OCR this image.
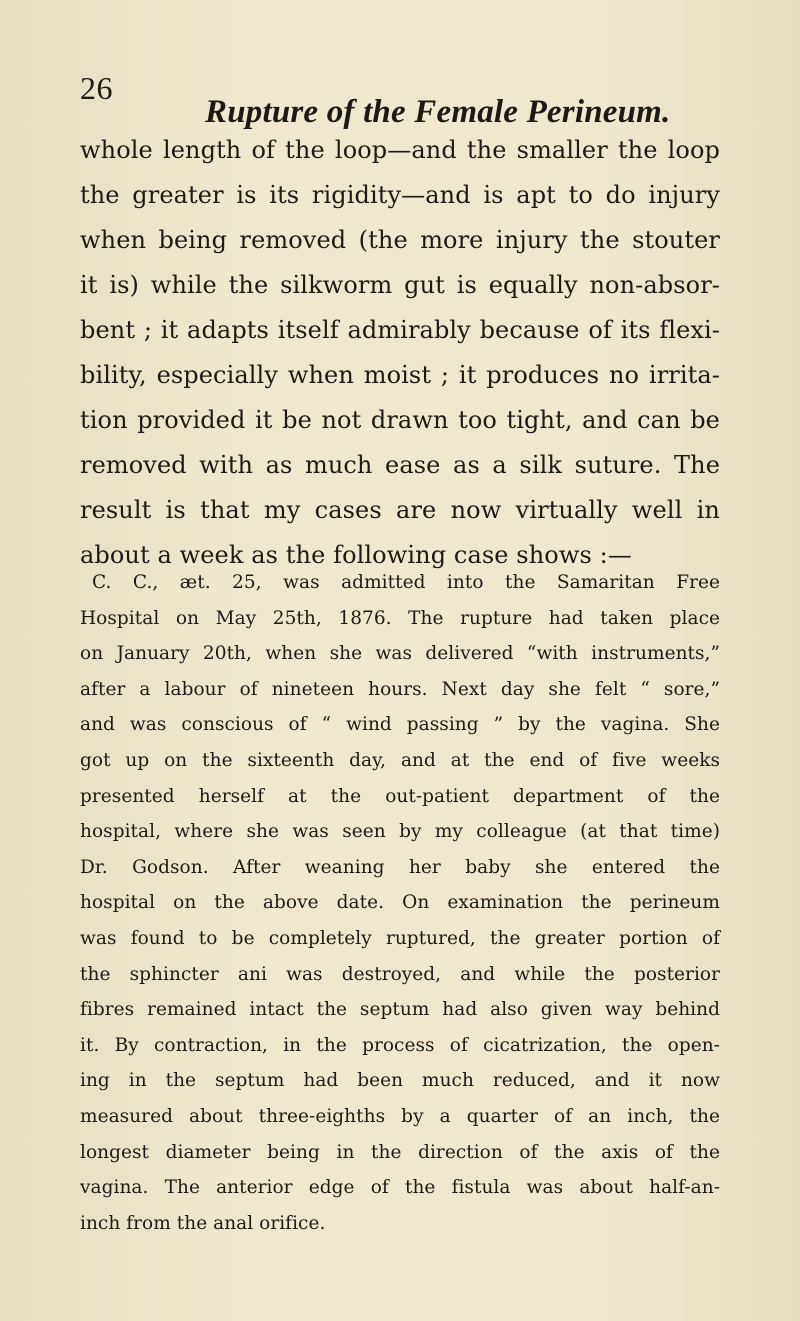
26
Rupture of the Female Perineum.
whole length of the loop—and the smaller the loop
the greater is its rigidity—and is apt to do injury
when being removed (the more injury the stouter
it is) while the silkworm gut is equally non-absor-
bent ; it adapts itself admirably because of its flexi-
bility, especially when moist ; it produces no irrita-
tion provided it be not drawn too tight, and can be
removed with as much ease as a silk suture. The
result is that my cases are now virtually well in
about a week as the following case shows :—
C. C., æt. 25, was admitted into the Samaritan Free
Hospital on May 25th, 1876. The rupture had taken place
on January 20th, when she was delivered “with instruments,”
after a labour of nineteen hours. Next day she felt “ sore,”
and was conscious of “ wind passing ” by the vagina. She
got up on the sixteenth day, and at the end of five weeks
presented herself at the out-patient department of the
hospital, where she was seen by my colleague (at that time)
Dr. Godson. After weaning her baby she entered the
hospital on the above date. On examination the perineum
was found to be completely ruptured, the greater portion of
the sphincter ani was destroyed, and while the posterior
fibres remained intact the septum had also given way behind
it. By contraction, in the process of cicatrization, the open-
ing in the septum had been much reduced, and it now
measured about three-eighths by a quarter of an inch, the
longest diameter being in the direction of the axis of the
vagina. The anterior edge of the fistula was about half-an-
inch from the anal orifice.
